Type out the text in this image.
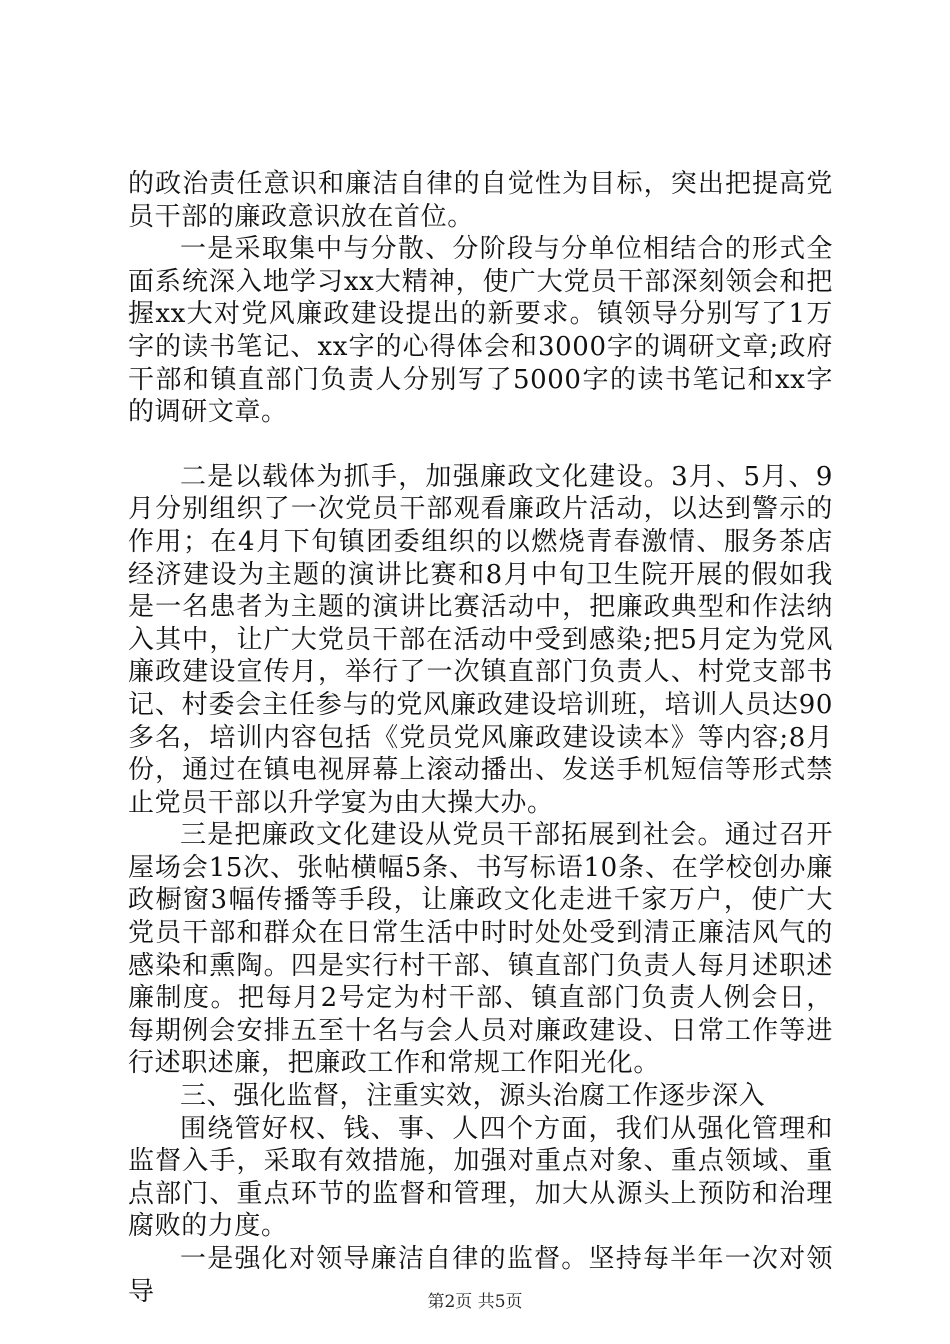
的政治责任意识和廉洁自律的自觉性为目标，突出把提高党员干部的廉政意识放在首位。

一是采取集中与分散、分阶段与分单位相结合的形式全面系统深入地学习xx大精神，使广大党员干部深刻领会和把握xx大对党风廉政建设提出的新要求。镇领导分别写了1万字的读书笔记、xx字的心得体会和3000字的调研文章;政府干部和镇直部门负责人分别写了5000字的读书笔记和xx字的调研文章。

二是以载体为抓手，加强廉政文化建设。3月、5月、9月分别组织了一次党员干部观看廉政片活动，以达到警示的作用；在4月下旬镇团委组织的以燃烧青春激情、服务茶店经济建设为主题的演讲比赛和8月中旬卫生院开展的假如我是一名患者为主题的演讲比赛活动中，把廉政典型和作法纳入其中，让广大党员干部在活动中受到感染;把5月定为党风廉政建设宣传月，举行了一次镇直部门负责人、村党支部书记、村委会主任参与的党风廉政建设培训班，培训人员达90多名，培训内容包括《党员党风廉政建设读本》等内容;8月份，通过在镇电视屏幕上滚动播出、发送手机短信等形式禁止党员干部以升学宴为由大操大办。

三是把廉政文化建设从党员干部拓展到社会。通过召开屋场会15次、张帖横幅5条、书写标语10条、在学校创办廉政橱窗3幅传播等手段，让廉政文化走进千家万户，使广大党员干部和群众在日常生活中时时处处受到清正廉洁风气的感染和熏陶。四是实行村干部、镇直部门负责人每月述职述廉制度。把每月2号定为村干部、镇直部门负责人例会日，每期例会安排五至十名与会人员对廉政建设、日常工作等进行述职述廉，把廉政工作和常规工作阳光化。

三、强化监督，注重实效，源头治腐工作逐步深入

围绕管好权、钱、事、人四个方面，我们从强化管理和监督入手，采取有效措施，加强对重点对象、重点领域、重点部门、重点环节的监督和管理，加大从源头上预防和治理腐败的力度。

一是强化对领导廉洁自律的监督。坚持每半年一次对领导	第2页 共5页
